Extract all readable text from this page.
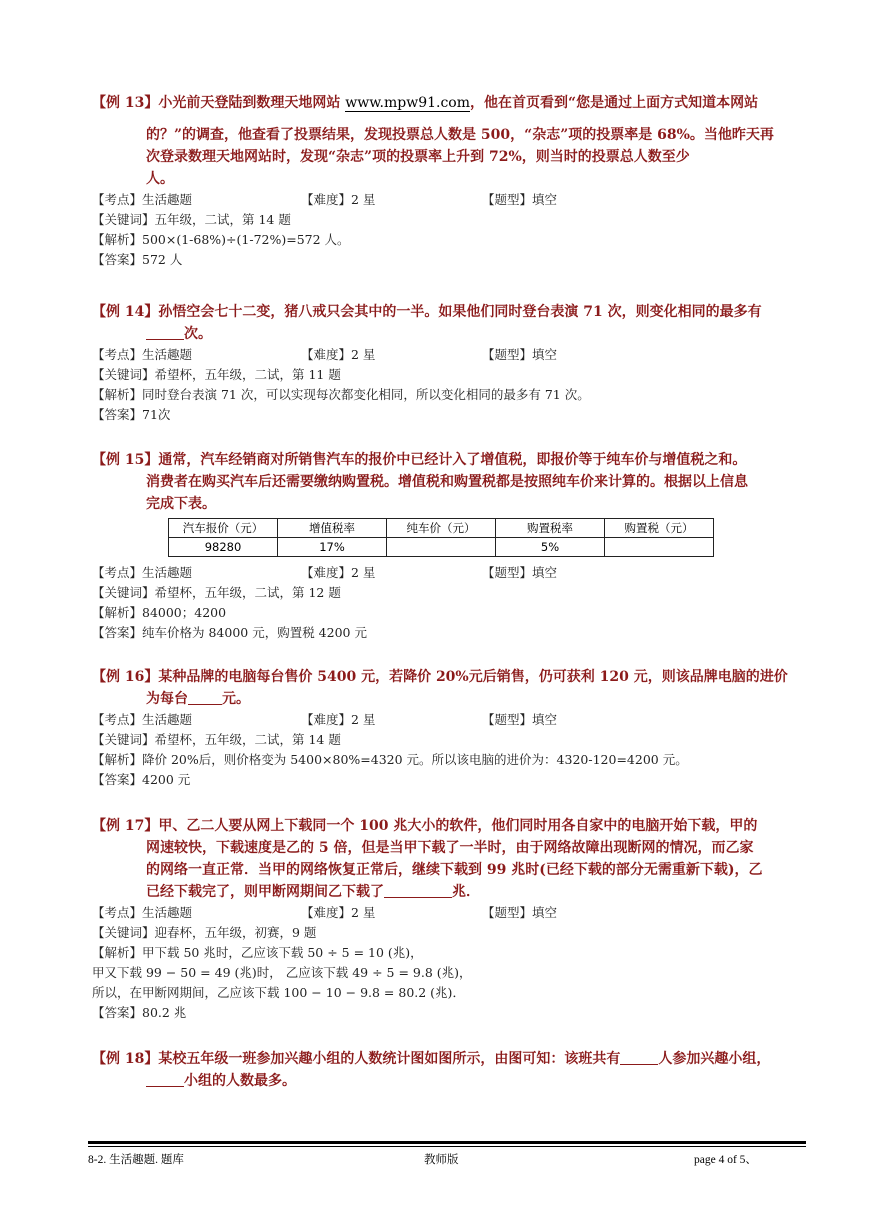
【例 13】小光前天登陆到数理天地网站 www.mpw91.com，他在首页看到“您是通过上面方式知道本网站
的？”的调查，他查看了投票结果，发现投票总人数是 500，“杂志”项的投票率是 68%。当他昨天再
次登录数理天地网站时，发现“杂志”项的投票率上升到 72%，则当时的投票总人数至少
人。
【考点】生活趣题	【难度】2 星	【题型】填空
【关键词】五年级，二试，第 14 题
【解析】500×(1-68%)÷(1-72%)=572 人。
【答案】572 人
【例 14】孙悟空会七十二变，猪八戒只会其中的一半。如果他们同时登台表演 71 次，则变化相同的最多有
次。
【考点】生活趣题	【难度】2 星	【题型】填空
【关键词】希望杯，五年级，二试，第 11 题
【解析】同时登台表演 71 次，可以实现每次都变化相同，所以变化相同的最多有 71 次。
【答案】71次
【例 15】通常，汽车经销商对所销售汽车的报价中已经计入了增值税，即报价等于纯车价与增值税之和。
消费者在购买汽车后还需要缴纳购置税。增值税和购置税都是按照纯车价来计算的。根据以上信息
完成下表。
汽车报价（元）	增值税率	纯车价（元）	购置税率	购置税（元）
98280	17%		5%	
【考点】生活趣题	【难度】2 星	【题型】填空
【关键词】希望杯，五年级，二试，第 12 题
【解析】84000；4200
【答案】纯车价格为 84000 元，购置税 4200 元
【例 16】某种品牌的电脑每台售价 5400 元，若降价 20%元后销售，仍可获利 120 元，则该品牌电脑的进价
为每台 元。
【考点】生活趣题	【难度】2 星	【题型】填空
【关键词】希望杯，五年级，二试，第 14 题
【解析】降价 20%后，则价格变为 5400×80%=4320 元。所以该电脑的进价为：4320-120=4200 元。
【答案】4200 元
【例 17】甲、乙二人要从网上下载同一个 100 兆大小的软件，他们同时用各自家中的电脑开始下载，甲的
网速较快，下载速度是乙的 5 倍，但是当甲下载了一半时，由于网络故障出现断网的情况，而乙家
的网络一直正常．当甲的网络恢复正常后，继续下载到 99 兆时(已经下载的部分无需重新下载)，乙
已经下载完了，则甲断网期间乙下载了	兆．
【考点】生活趣题	【难度】2 星	【题型】填空
【关键词】迎春杯，五年级，初赛，9 题
【解析】甲下载 50 兆时，乙应该下载 50 ÷ 5 = 10 (兆)，
甲又下载 99 − 50 = 49 (兆)时， 乙应该下载 49 ÷ 5 = 9.8 (兆)，
所以，在甲断网期间，乙应该下载 100 − 10 − 9.8 = 80.2 (兆)．
【答案】80.2 兆
【例 18】某校五年级一班参加兴趣小组的人数统计图如图所示，由图可知：该班共有	人参加兴趣小组，
小组的人数最多。
8-2. 生活趣题. 题库	教师版	page 4 of 5、
